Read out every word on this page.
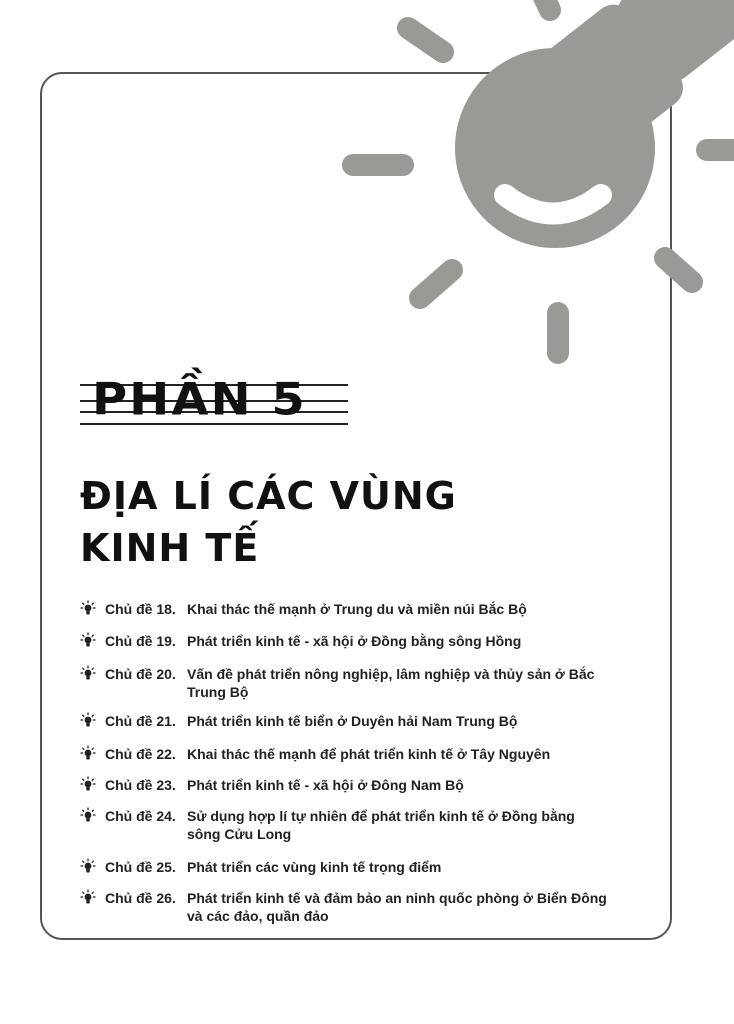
PHẦN 5
ĐỊA LÍ CÁC VÙNG
KINH TẾ
Chủ đề 18. Khai thác thế mạnh ở Trung du và miền núi Bắc Bộ
Chủ đề 19. Phát triển kinh tế - xã hội ở Đồng bằng sông Hồng
Chủ đề 20. Vấn đề phát triển nông nghiệp, lâm nghiệp và thủy sản ở Bắc Trung Bộ
Chủ đề 21. Phát triển kinh tế biển ở Duyên hải Nam Trung Bộ
Chủ đề 22. Khai thác thế mạnh để phát triển kinh tế ở Tây Nguyên
Chủ đề 23. Phát triển kinh tế - xã hội ở Đông Nam Bộ
Chủ đề 24. Sử dụng hợp lí tự nhiên để phát triển kinh tế ở Đồng bằng sông Cửu Long
Chủ đề 25. Phát triển các vùng kinh tế trọng điểm
Chủ đề 26. Phát triển kinh tế và đảm bảo an ninh quốc phòng ở Biển Đông và các đảo, quần đảo
